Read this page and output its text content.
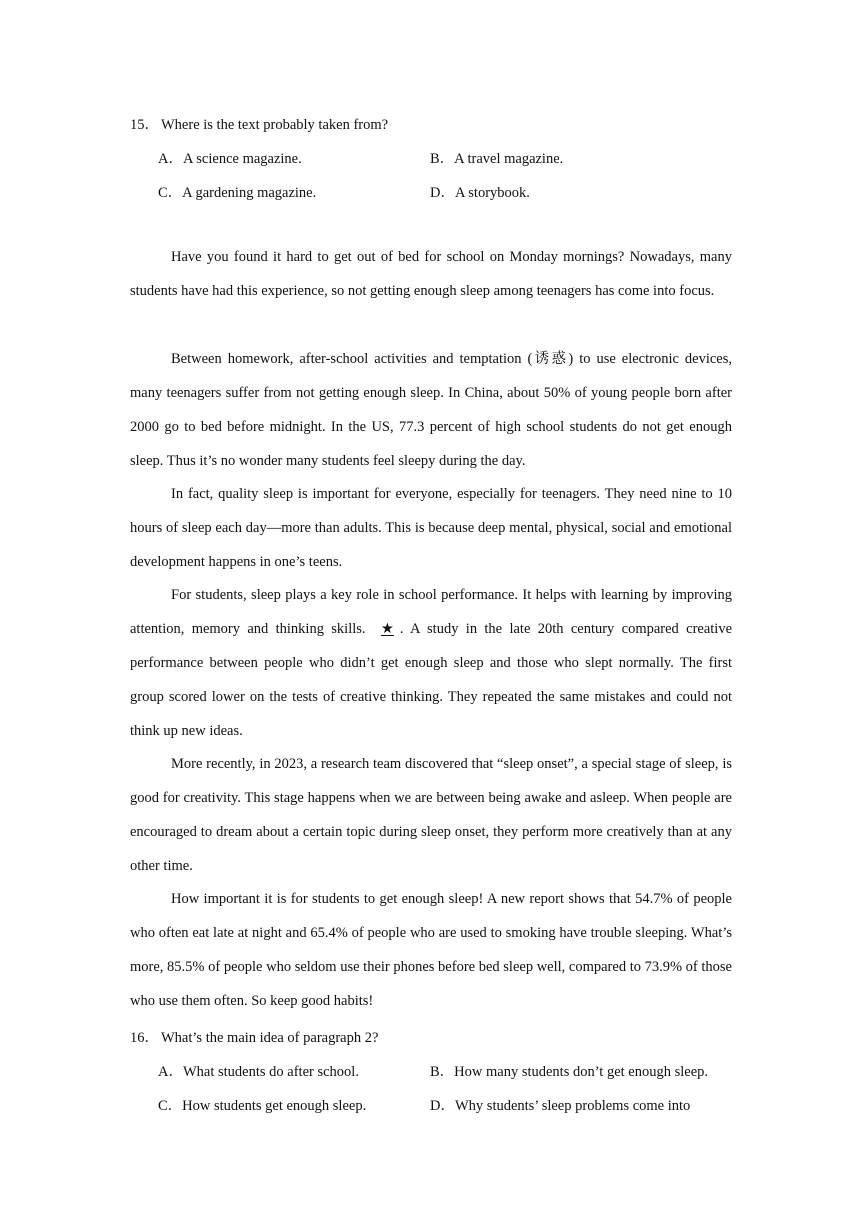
15． Where is the text probably taken from?
A．A science magazine.	B．A travel magazine.
C．A gardening magazine.	D．A storybook.
Have you found it hard to get out of bed for school on Monday mornings? Nowadays, many students have had this experience, so not getting enough sleep among teenagers has come into focus.
Between homework, after-school activities and temptation (诱惑) to use electronic devices, many teenagers suffer from not getting enough sleep. In China, about 50% of young people born after 2000 go to bed before midnight. In the US, 77.3 percent of high school students do not get enough sleep. Thus it’s no wonder many students feel sleepy during the day.
In fact, quality sleep is important for everyone, especially for teenagers. They need nine to 10 hours of sleep each day—more than adults. This is because deep mental, physical, social and emotional development happens in one’s teens.
For students, sleep plays a key role in school performance. It helps with learning by improving attention, memory and thinking skills. ★ . A study in the late 20th century compared creative performance between people who didn’t get enough sleep and those who slept normally. The first group scored lower on the tests of creative thinking. They repeated the same mistakes and could not think up new ideas.
More recently, in 2023, a research team discovered that “sleep onset”, a special stage of sleep, is good for creativity. This stage happens when we are between being awake and asleep. When people are encouraged to dream about a certain topic during sleep onset, they perform more creatively than at any other time.
How important it is for students to get enough sleep! A new report shows that 54.7% of people who often eat late at night and 65.4% of people who are used to smoking have trouble sleeping. What’s more, 85.5% of people who seldom use their phones before bed sleep well, compared to 73.9% of those who use them often. So keep good habits!
16． What’s the main idea of paragraph 2?
A．What students do after school.	B．How many students don’t get enough sleep.
C．How students get enough sleep.	D．Why students’ sleep problems come into
